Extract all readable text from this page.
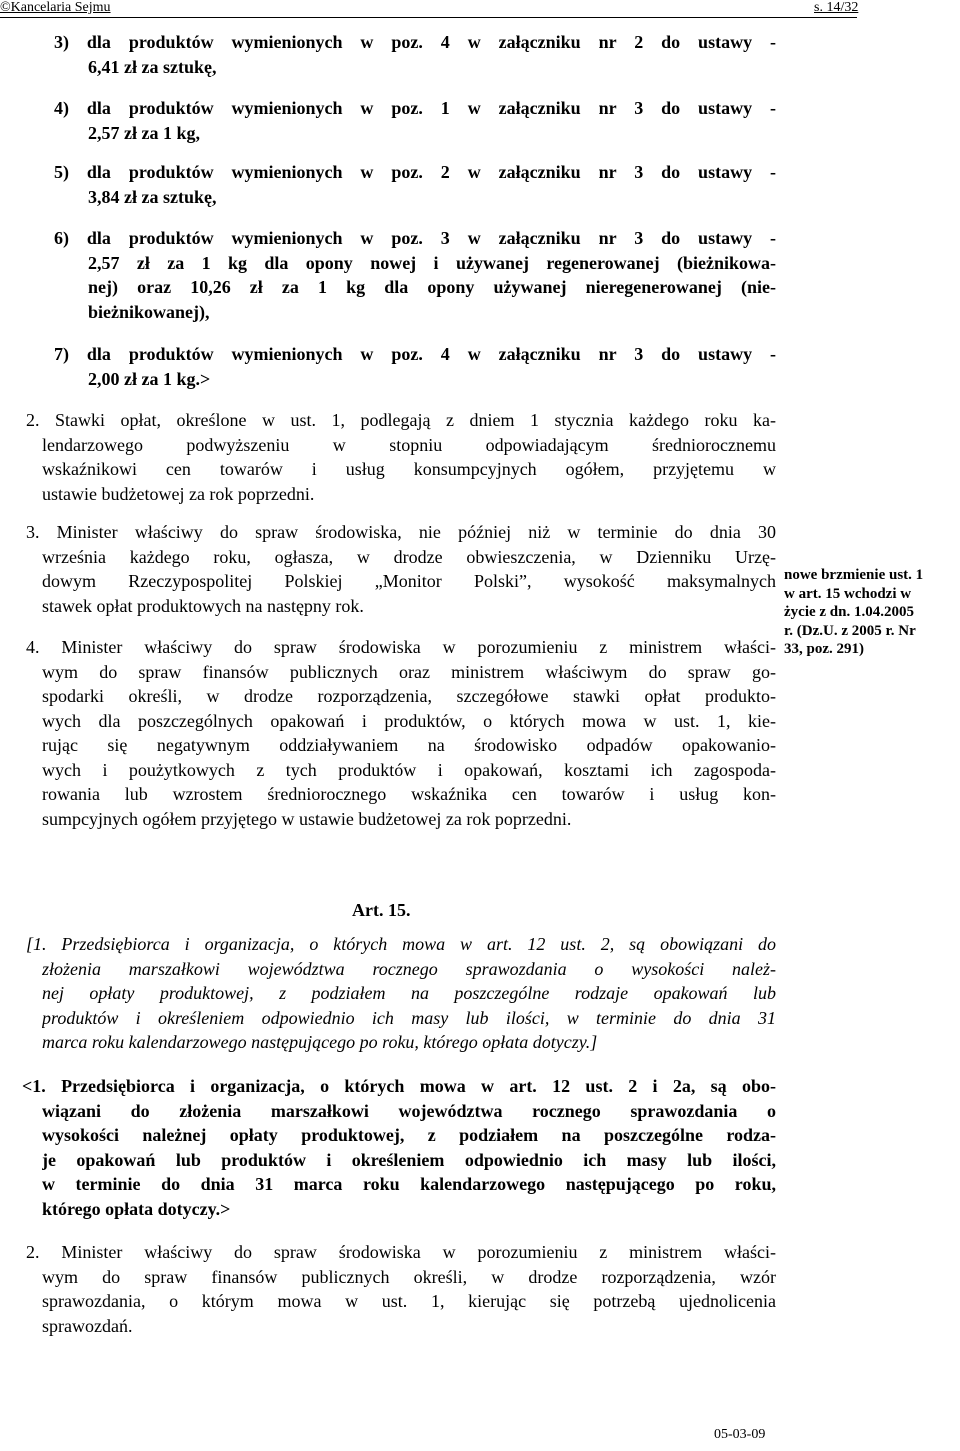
©Kancelaria Sejmu	s. 14/32
3) dla produktów wymienionych w poz. 4 w załączniku nr 2 do ustawy -
6,41 zł za sztukę,
4) dla produktów wymienionych w poz. 1 w załączniku nr 3 do ustawy -
2,57 zł za 1 kg,
5) dla produktów wymienionych w poz. 2 w załączniku nr 3 do ustawy -
3,84 zł za sztukę,
6) dla produktów wymienionych w poz. 3 w załączniku nr 3 do ustawy -
2,57 zł za 1 kg dla opony nowej i używanej regenerowanej (bieżnikowa-
nej) oraz 10,26 zł za 1 kg dla opony używanej nieregenerowanej (nie-
bieżnikowanej),
7) dla produktów wymienionych w poz. 4 w załączniku nr 3 do ustawy -
2,00 zł za 1 kg.>
2. Stawki opłat, określone w ust. 1, podlegają z dniem 1 stycznia każdego roku ka-
lendarzowego podwyższeniu w stopniu odpowiadającym średniorocznemu
wskaźnikowi cen towarów i usług konsumpcyjnych ogółem, przyjętemu w
ustawie budżetowej za rok poprzedni.
3. Minister właściwy do spraw środowiska, nie później niż w terminie do dnia 30
września każdego roku, ogłasza, w drodze obwieszczenia, w Dzienniku Urzę-
dowym Rzeczypospolitej Polskiej „Monitor Polski”, wysokość maksymalnych
stawek opłat produktowych na następny rok.
nowe brzmienie ust. 1
w art. 15 wchodzi w
życie z dn. 1.04.2005
r. (Dz.U. z 2005 r. Nr
33, poz. 291)
4. Minister właściwy do spraw środowiska w porozumieniu z ministrem właści-
wym do spraw finansów publicznych oraz ministrem właściwym do spraw go-
spodarki określi, w drodze rozporządzenia, szczegółowe stawki opłat produkto-
wych dla poszczególnych opakowań i produktów, o których mowa w ust. 1, kie-
rując się negatywnym oddziaływaniem na środowisko odpadów opakowanio-
wych i poużytkowych z tych produktów i opakowań, kosztami ich zagospoda-
rowania lub wzrostem średniorocznego wskaźnika cen towarów i usług kon-
sumpcyjnych ogółem przyjętego w ustawie budżetowej za rok poprzedni.
Art. 15.
[1. Przedsiębiorca i organizacja, o których mowa w art. 12 ust. 2, są obowiązani do
złożenia marszałkowi województwa rocznego sprawozdania o wysokości należ-
nej opłaty produktowej, z podziałem na poszczególne rodzaje opakowań lub
produktów i określeniem odpowiednio ich masy lub ilości, w terminie do dnia 31
marca roku kalendarzowego następującego po roku, którego opłata dotyczy.]
<1. Przedsiębiorca i organizacja, o których mowa w art. 12 ust. 2 i 2a, są obo-
wiązani do złożenia marszałkowi województwa rocznego sprawozdania o
wysokości należnej opłaty produktowej, z podziałem na poszczególne rodza-
je opakowań lub produktów i określeniem odpowiednio ich masy lub ilości,
w terminie do dnia 31 marca roku kalendarzowego następującego po roku,
którego opłata dotyczy.>
2. Minister właściwy do spraw środowiska w porozumieniu z ministrem właści-
wym do spraw finansów publicznych określi, w drodze rozporządzenia, wzór
sprawozdania, o którym mowa w ust. 1, kierując się potrzebą ujednolicenia
sprawozdań.
05-03-09
